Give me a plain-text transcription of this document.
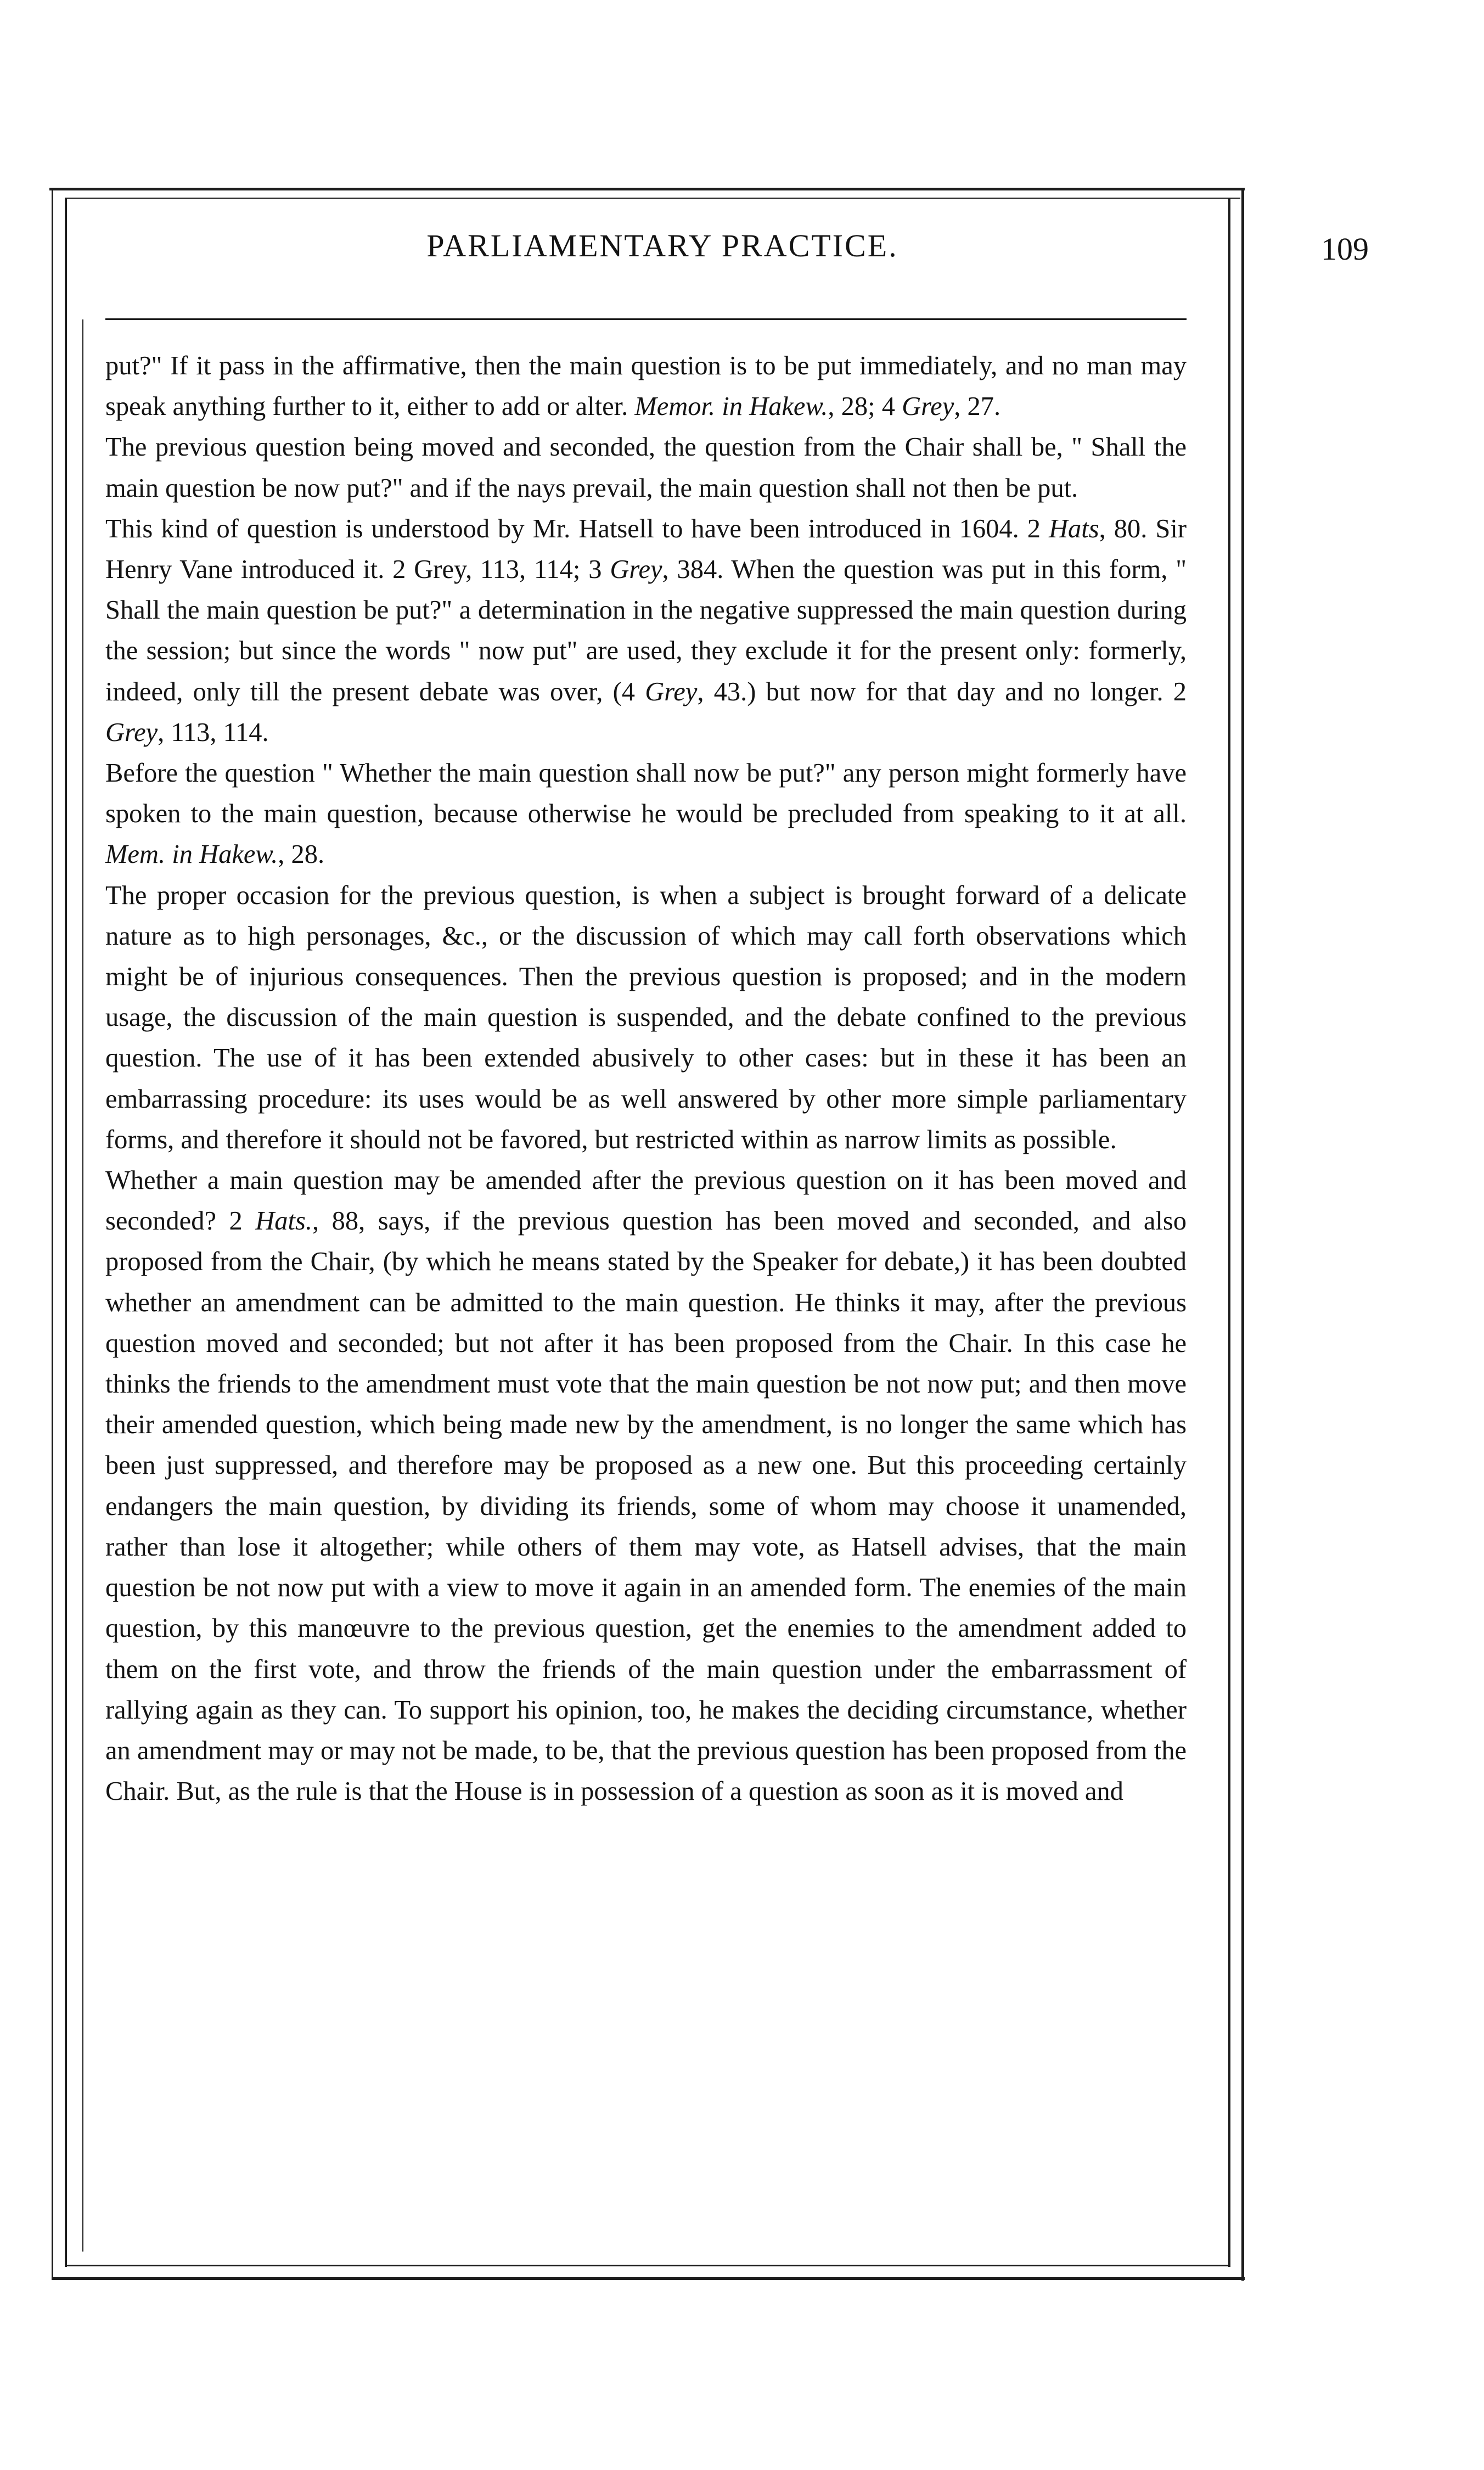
PARLIAMENTARY PRACTICE.	109

put?" If it pass in the affirmative, then the main question is to be put immediately, and no man may speak anything further to it, either to add or alter. Memor. in Hakew., 28; 4 Grey, 27.

The previous question being moved and seconded, the question from the Chair shall be, " Shall the main question be now put?" and if the nays prevail, the main question shall not then be put.

This kind of question is understood by Mr. Hatsell to have been introduced in 1604. 2 Hats, 80. Sir Henry Vane introduced it. 2 Grey, 113, 114; 3 Grey, 384. When the question was put in this form, " Shall the main question be put?" a determination in the negative suppressed the main question during the session; but since the words " now put" are used, they exclude it for the present only: formerly, indeed, only till the present debate was over, (4 Grey, 43.) but now for that day and no longer. 2 Grey, 113, 114.

Before the question " Whether the main question shall now be put?" any person might formerly have spoken to the main question, because otherwise he would be precluded from speaking to it at all. Mem. in Hakew., 28.

The proper occasion for the previous question, is when a subject is brought forward of a delicate nature as to high personages, &c., or the discussion of which may call forth observations which might be of injurious consequences. Then the previous question is proposed; and in the modern usage, the discussion of the main question is suspended, and the debate confined to the previous question. The use of it has been extended abusively to other cases: but in these it has been an embarrassing procedure: its uses would be as well answered by other more simple parliamentary forms, and therefore it should not be favored, but restricted within as narrow limits as possible.

Whether a main question may be amended after the previous question on it has been moved and seconded? 2 Hats., 88, says, if the previous question has been moved and seconded, and also proposed from the Chair, (by which he means stated by the Speaker for debate,) it has been doubted whether an amendment can be admitted to the main question. He thinks it may, after the previous question moved and seconded; but not after it has been proposed from the Chair. In this case he thinks the friends to the amendment must vote that the main question be not now put; and then move their amended question, which being made new by the amendment, is no longer the same which has been just suppressed, and therefore may be proposed as a new one. But this proceeding certainly endangers the main question, by dividing its friends, some of whom may choose it unamended, rather than lose it altogether; while others of them may vote, as Hatsell advises, that the main question be not now put with a view to move it again in an amended form. The enemies of the main question, by this manœuvre to the previous question, get the enemies to the amendment added to them on the first vote, and throw the friends of the main question under the embarrassment of rallying again as they can. To support his opinion, too, he makes the deciding circumstance, whether an amendment may or may not be made, to be, that the previous question has been proposed from the Chair. But, as the rule is that the House is in possession of a question as soon as it is moved and
